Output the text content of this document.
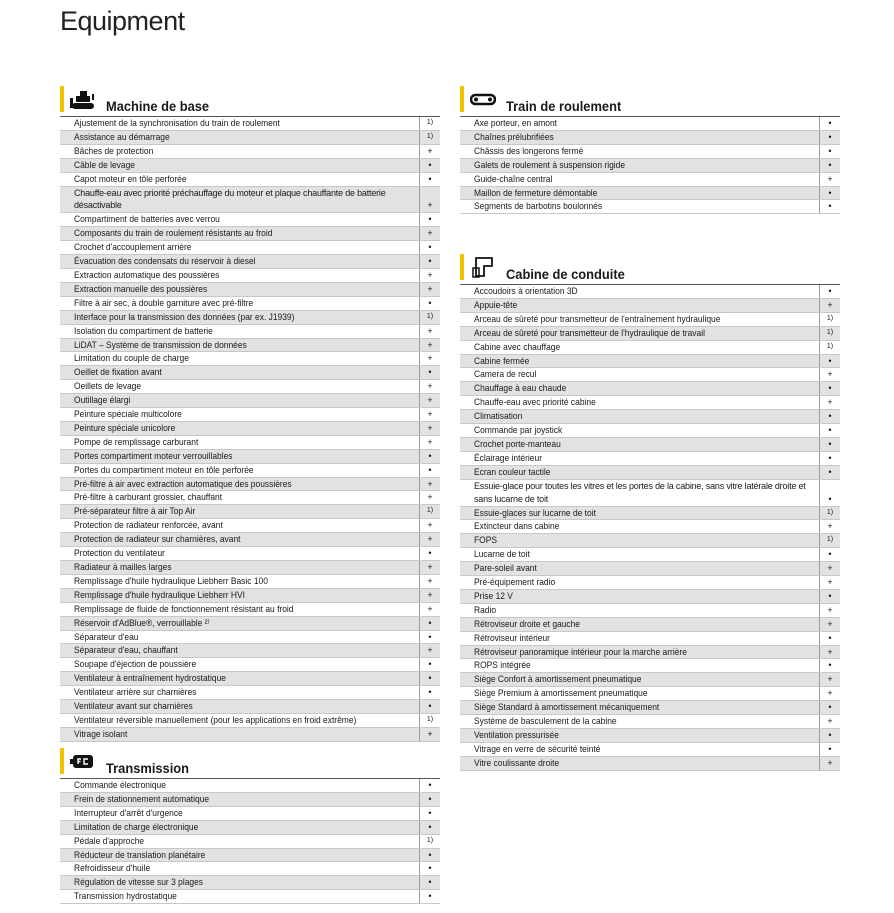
Equipment
Machine de base
Ajustement de la synchronisation du train de roulement	1)
Assistance au démarrage	1)
Bâches de protection	+
Câble de levage	•
Capot moteur en tôle perforée	•
Chauffe-eau avec priorité préchauffage du moteur et plaque chauffante de batterie désactivable	+
Compartiment de batteries avec verrou	•
Composants du train de roulement résistants au froid	+
Crochet d'accouplement arrière	•
Évacuation des condensats du réservoir à diesel	•
Extraction automatique des poussières	+
Extraction manuelle des poussières	+
Filtre à air sec, à double garniture avec pré-filtre	•
Interface pour la transmission des données (par ex. J1939)	1)
Isolation du compartiment de batterie	+
LiDAT – Système de transmission de données	+
Limitation du couple de charge	+
Oeillet de fixation avant	•
Oeillets de levage	+
Outillage élargi	+
Peinture spéciale multicolore	+
Peinture spéciale unicolore	+
Pompe de remplissage carburant	+
Portes compartiment moteur verrouillables	•
Portes du compartiment moteur en tôle perforée	•
Pré-filtre à air avec extraction automatique des poussières	+
Pré-filtre à carburant grossier, chauffant	+
Pré-séparateur filtre à air Top Air	1)
Protection de radiateur renforcée, avant	+
Protection de radiateur sur charnières, avant	+
Protection du ventilateur	•
Radiateur à mailles larges	+
Remplissage d'huile hydraulique Liebherr Basic 100	+
Remplissage d'huile hydraulique Liebherr HVI	+
Remplissage de fluide de fonctionnement résistant au froid	+
Réservoir d'AdBlue®, verrouillable ²⁾	•
Séparateur d'eau	•
Séparateur d'eau, chauffant	+
Soupape d'éjection de poussière	•
Ventilateur à entraînement hydrostatique	•
Ventilateur arrière sur charnières	•
Ventilateur avant sur charnières	•
Ventilateur réversible manuellement (pour les applications en froid extrême)	1)
Vitrage isolant	+
Train de roulement
Axe porteur, en amont	•
Chaînes prélubrifiées	•
Châssis des longerons fermé	•
Galets de roulement à suspension rigide	•
Guide-chaîne central	+
Maillon de fermeture démontable	•
Segments de barbotins boulonnés	•
Cabine de conduite
Accoudoirs à orientation 3D	•
Appuie-tête	+
Arceau de sûreté pour transmetteur de l'entraînement hydraulique	1)
Arceau de sûreté pour transmetteur de l'hydraulique de travail	1)
Cabine avec chauffage	1)
Cabine fermée	•
Camera de recul	+
Chauffage à eau chaude	•
Chauffe-eau avec priorité cabine	+
Climatisation	•
Commande par joystick	•
Crochet porte-manteau	•
Éclairage intérieur	•
Ecran couleur tactile	•
Essuie-glace pour toutes les vitres et les portes de la cabine, sans vitre latérale droite et sans lucarne de toit	•
Essuie-glaces sur lucarne de toit	1)
Extincteur dans cabine	+
FOPS	1)
Lucarne de toit	•
Pare-soleil avant	+
Pré-équipement radio	+
Prise 12 V	•
Radio	+
Rétroviseur droite et gauche	+
Rétroviseur intérieur	•
Rétroviseur panoramique intérieur pour la marche arrière	+
ROPS intégrée	•
Siège Confort à amortissement pneumatique	+
Siège Premium à amortissement pneumatique	+
Siège Standard à amortissement mécaniquement	•
Système de basculement de la cabine	+
Ventilation pressurisée	•
Vitrage en verre de sécurité teinté	•
Vitre coulissante droite	+
Transmission
Commande électronique	•
Frein de stationnement automatique	•
Interrupteur d'arrêt d'urgence	•
Limitation de charge électronique	•
Pédale d'approche	1)
Réducteur de translation planétaire	•
Refroidisseur d'huile	•
Régulation de vitesse sur 3 plages	•
Transmission hydrostatique	•
